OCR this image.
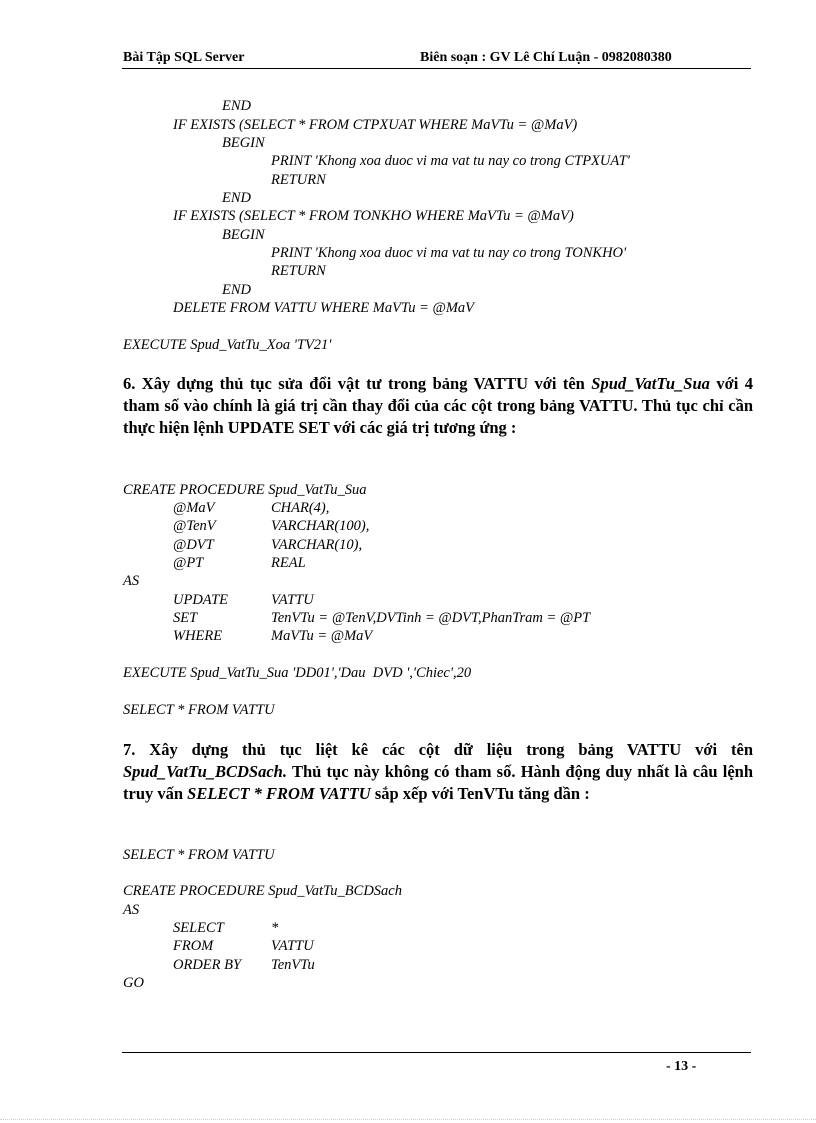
Bài Tập SQL Server	Biên soạn : GV Lê Chí Luận - 0982080380
END
IF EXISTS (SELECT * FROM CTPXUAT WHERE MaVTu = @MaV)
BEGIN
PRINT 'Khong xoa duoc vi ma vat tu nay co trong CTPXUAT'
RETURN
END
IF EXISTS (SELECT * FROM TONKHO WHERE MaVTu = @MaV)
BEGIN
PRINT 'Khong xoa duoc vi ma vat tu nay co trong TONKHO'
RETURN
END
DELETE FROM VATTU WHERE MaVTu = @MaV
EXECUTE Spud_VatTu_Xoa 'TV21'
6. Xây dựng thủ tục sửa đổi vật tư trong bảng VATTU với tên Spud_VatTu_Sua với 4 tham số vào chính là giá trị cần thay đổi của các cột trong bảng VATTU. Thủ tục chỉ cần thực hiện lệnh UPDATE SET với các giá trị tương ứng :
CREATE PROCEDURE Spud_VatTu_Sua
@MaV	CHAR(4),
@TenV	VARCHAR(100),
@DVT	VARCHAR(10),
@PT	REAL
AS
UPDATE	VATTU
SET	TenVTu = @TenV,DVTinh = @DVT,PhanTram = @PT
WHERE	MaVTu = @MaV
EXECUTE Spud_VatTu_Sua 'DD01','Dau  DVD ','Chiec',20
SELECT * FROM VATTU
7. Xây dựng thủ tục liệt kê các cột dữ liệu trong bảng VATTU với tên Spud_VatTu_BCDSach. Thủ tục này không có tham số. Hành động duy nhất là câu lệnh truy vấn SELECT * FROM VATTU sắp xếp với TenVTu tăng dần :
SELECT * FROM VATTU
CREATE PROCEDURE Spud_VatTu_BCDSach
AS
SELECT	*
FROM	VATTU
ORDER BY TenVTu
GO
- 13 -
